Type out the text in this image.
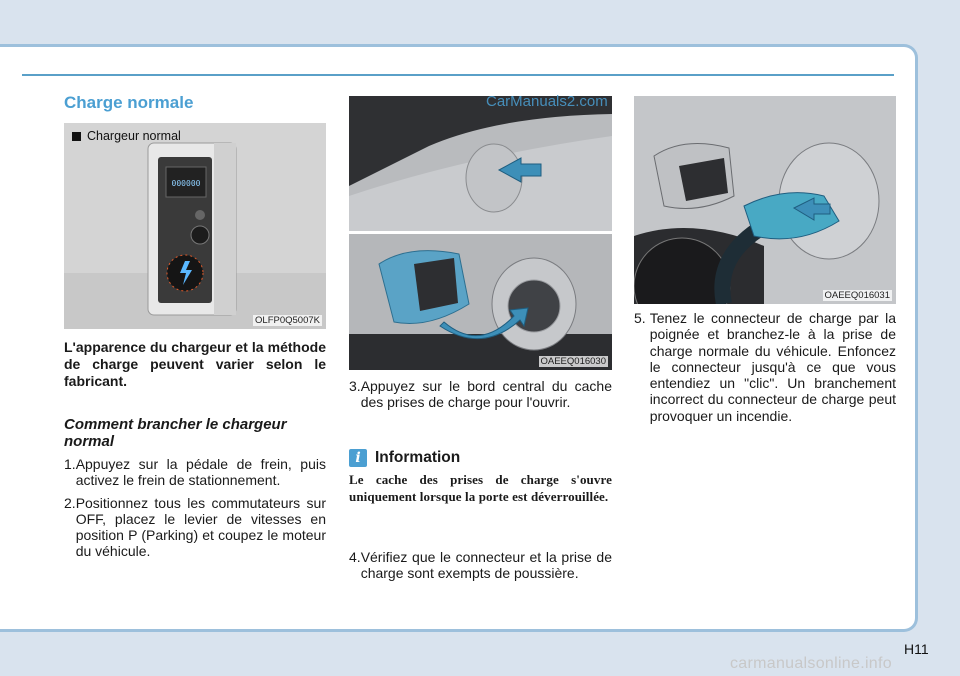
Charge normale
000000
Chargeur normal
OLFP0Q5007K

L'apparence du chargeur et la méthode de charge peuvent varier selon le fabricant.

Comment brancher le chargeur normal
1. Appuyez sur la pédale de frein, puis activez le frein de stationnement.
2. Positionnez tous les commutateurs sur OFF, placez le levier de vitesses en position P (Parking) et coupez le moteur du véhicule.
OAEEQ016030
CarManuals2.com
3. Appuyez sur le bord central du cache des prises de charge pour l'ouvrir.
i Information

Le cache des prises de charge s'ouvre uniquement lorsque la porte est déverrouillée.

4. Vérifiez que le connecteur et la prise de charge sont exempts de poussière.
OAEEQ016031
5. Tenez le connecteur de charge par la poignée et branchez-le à la prise de charge normale du véhicule. Enfoncez le connecteur jusqu'à ce que vous entendiez un "clic". Un branchement incorrect du connecteur de charge peut provoquer un incendie.
H11
carmanualsonline.info
